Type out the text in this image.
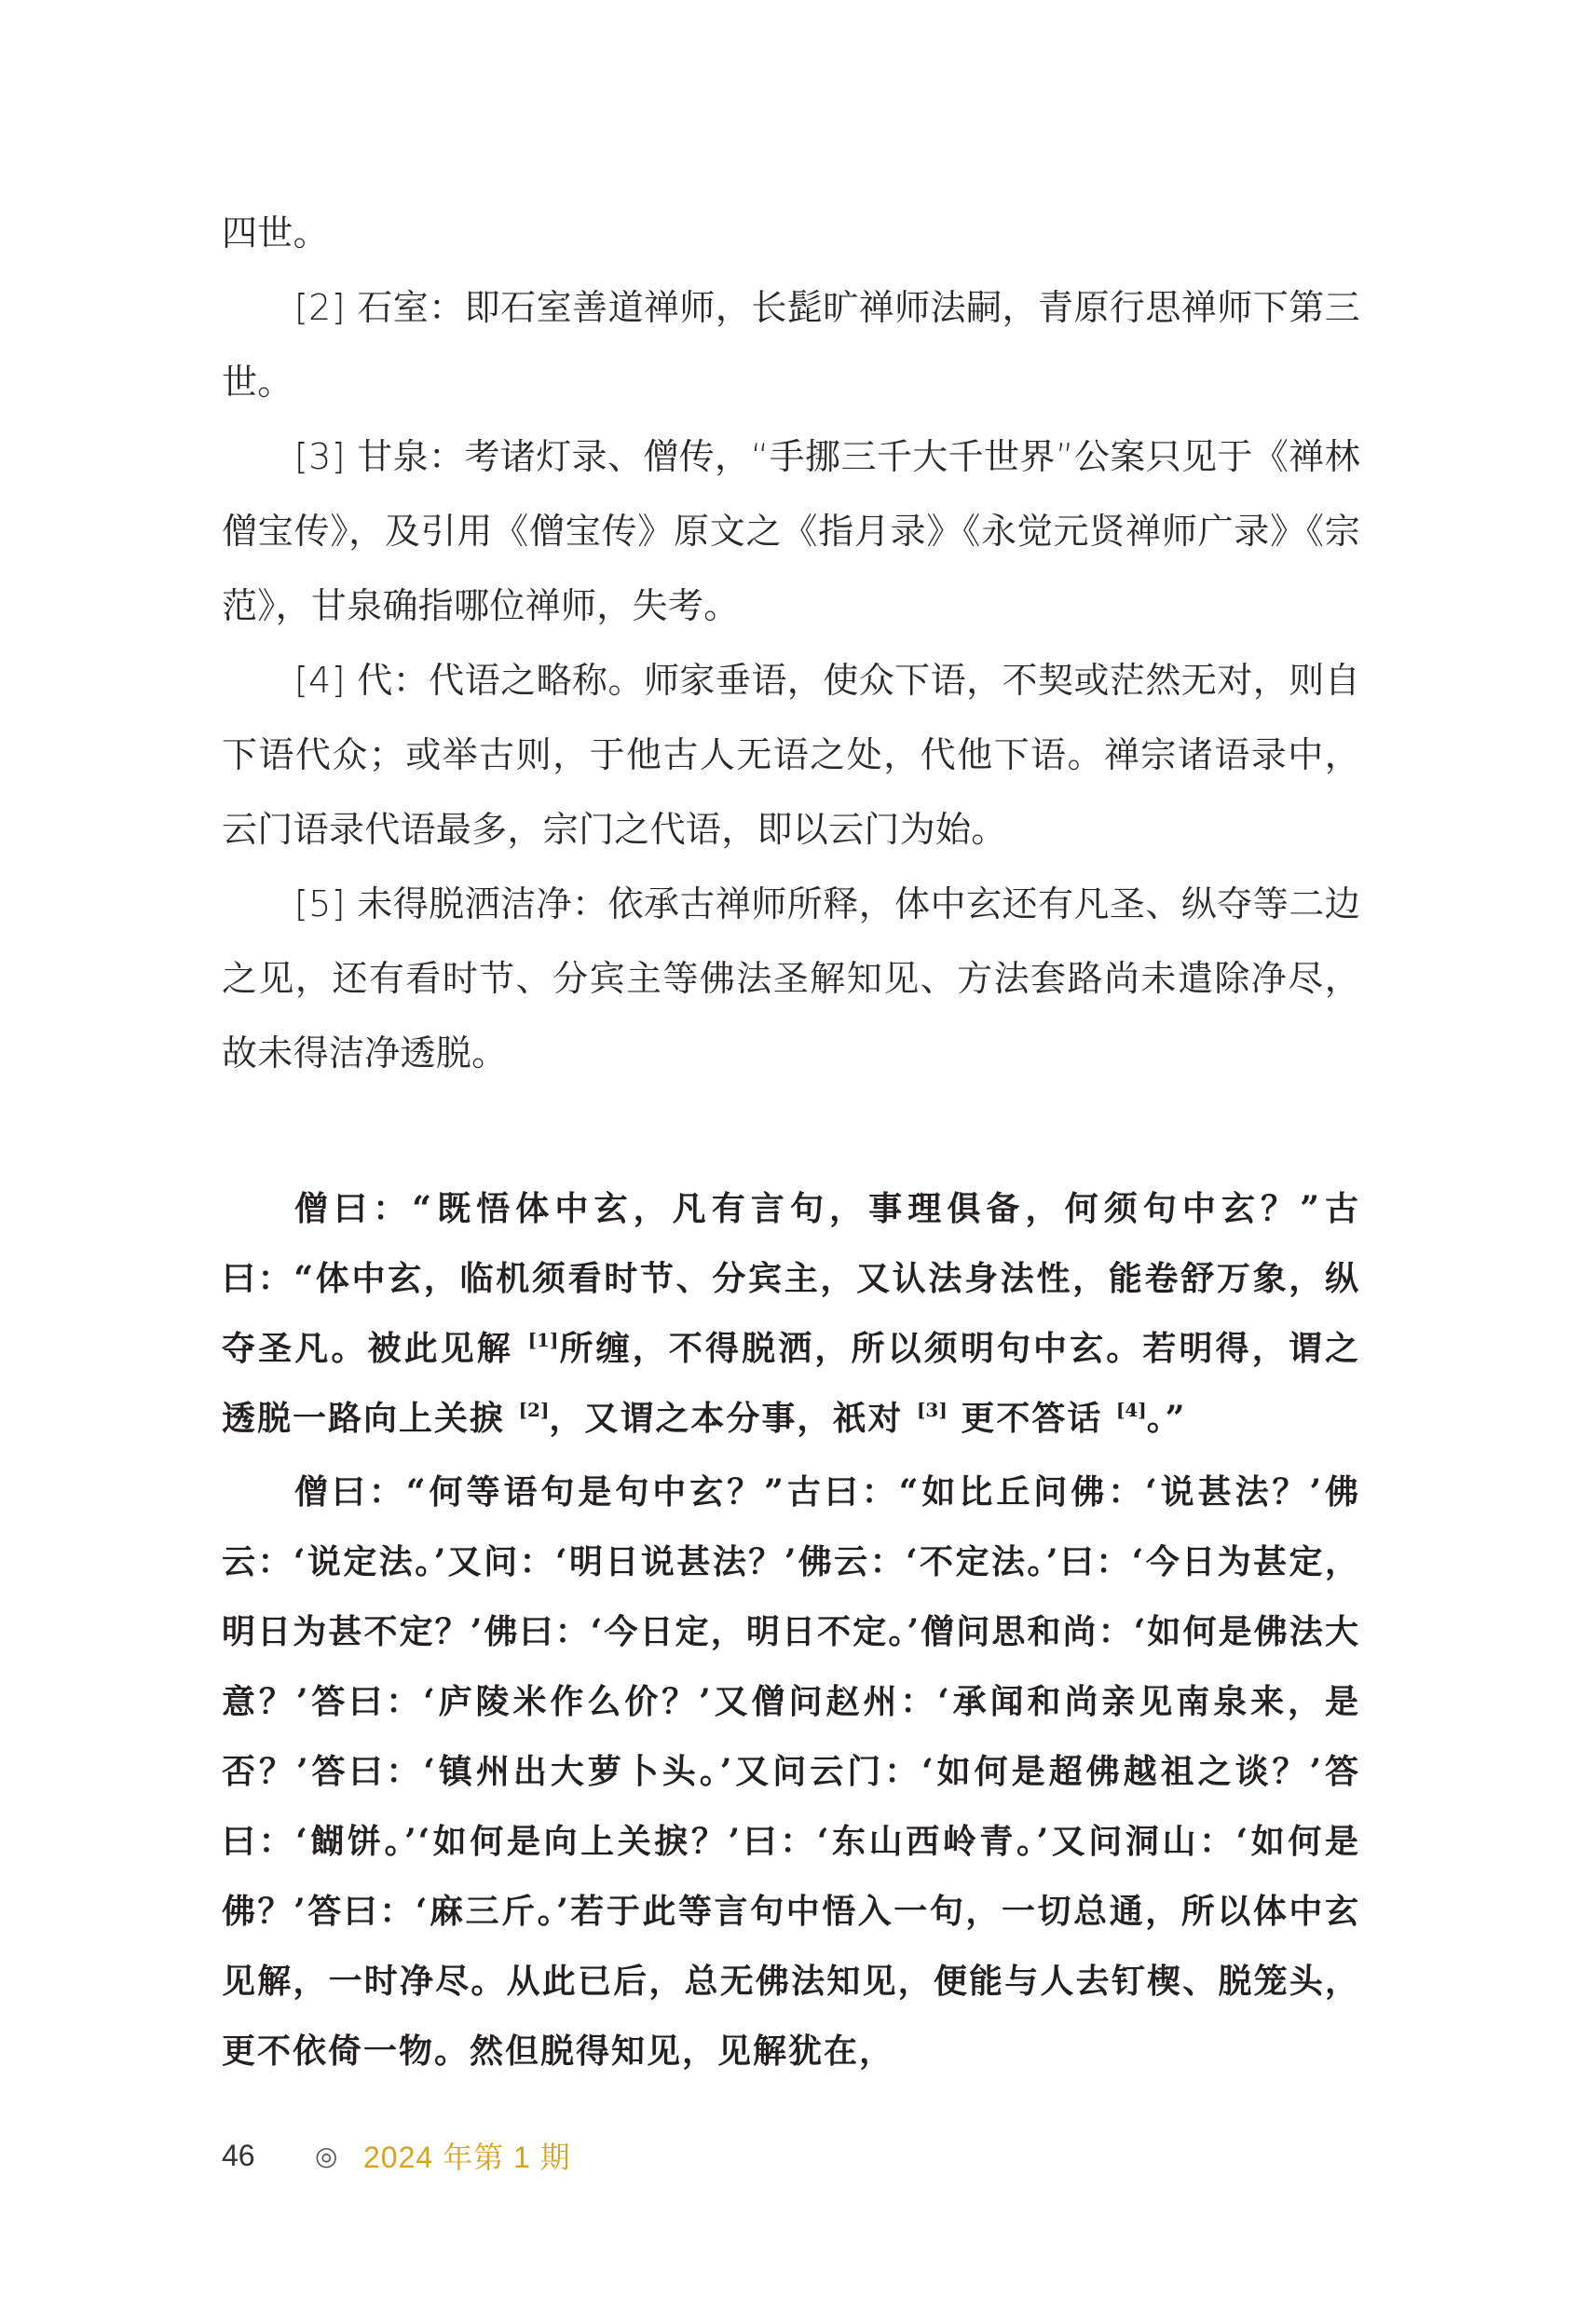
四世。

[2] 石室：即石室善道禅师，长髭旷禅师法嗣，青原行思禅师下第三世。

[3] 甘泉：考诸灯录、僧传，“手挪三千大千世界”公案只见于《禅林僧宝传》，及引用《僧宝传》原文之《指月录》《永觉元贤禅师广录》《宗范》，甘泉确指哪位禅师，失考。

[4] 代：代语之略称。师家垂语，使众下语，不契或茫然无对，则自下语代众；或举古则，于他古人无语之处，代他下语。禅宗诸语录中，云门语录代语最多，宗门之代语，即以云门为始。

[5] 未得脱洒洁净：依承古禅师所释，体中玄还有凡圣、纵夺等二边之见，还有看时节、分宾主等佛法圣解知见、方法套路尚未遣除净尽，故未得洁净透脱。

僧曰：“既悟体中玄，凡有言句，事理俱备，何须句中玄？”古曰：“体中玄，临机须看时节、分宾主，又认法身法性，能卷舒万象，纵夺圣凡。被此见解 [1]所缠，不得脱洒，所以须明句中玄。若明得，谓之透脱一路向上关捩 [2]，又谓之本分事，祇对 [3] 更不答话 [4]。”

僧曰：“何等语句是句中玄？”古曰：“如比丘问佛：‘说甚法？’佛云：‘说定法。’又问：‘明日说甚法？’佛云：‘不定法。’曰：‘今日为甚定，明日为甚不定？’佛曰：‘今日定，明日不定。’僧问思和尚：‘如何是佛法大意？’答曰：‘庐陵米作么价？’又僧问赵州：‘承闻和尚亲见南泉来，是否？’答曰：‘镇州出大萝卜头。’又问云门：‘如何是超佛越祖之谈？’答曰：‘餬饼。’‘如何是向上关捩？’曰：‘东山西岭青。’又问洞山：‘如何是佛？’答曰：‘麻三斤。’若于此等言句中悟入一句，一切总通，所以体中玄见解，一时净尽。从此已后，总无佛法知见，便能与人去钉楔、脱笼头，更不依倚一物。然但脱得知见，见解犹在，

46	◎ 2024 年第 1 期
